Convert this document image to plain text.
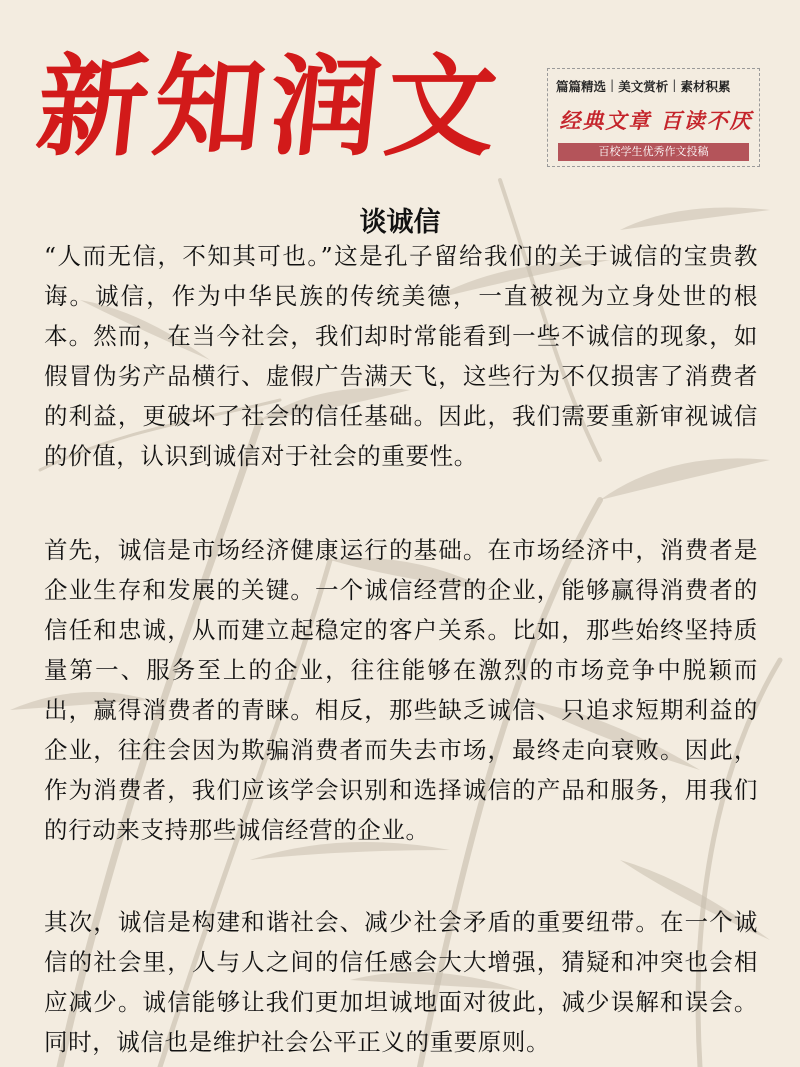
新知润文	篇篇精选 | 美文赏析 | 素材积累
经典文章 百读不厌
百校学生优秀作文投稿
谈诚信

“人而无信，不知其可也。”这是孔子留给我们的关于诚信的宝贵教诲。诚信，作为中华民族的传统美德，一直被视为立身处世的根本。然而，在当今社会，我们却时常能看到一些不诚信的现象，如假冒伪劣产品横行、虚假广告满天飞，这些行为不仅损害了消费者的利益，更破坏了社会的信任基础。因此，我们需要重新审视诚信的价值，认识到诚信对于社会的重要性。

首先，诚信是市场经济健康运行的基础。在市场经济中，消费者是企业生存和发展的关键。一个诚信经营的企业，能够赢得消费者的信任和忠诚，从而建立起稳定的客户关系。比如，那些始终坚持质量第一、服务至上的企业，往往能够在激烈的市场竞争中脱颖而出，赢得消费者的青睐。相反，那些缺乏诚信、只追求短期利益的企业，往往会因为欺骗消费者而失去市场，最终走向衰败。因此，作为消费者，我们应该学会识别和选择诚信的产品和服务，用我们的行动来支持那些诚信经营的企业。

其次，诚信是构建和谐社会、减少社会矛盾的重要纽带。在一个诚信的社会里，人与人之间的信任感会大大增强，猜疑和冲突也会相应减少。诚信能够让我们更加坦诚地面对彼此，减少误解和误会。同时，诚信也是维护社会公平正义的重要原则。
